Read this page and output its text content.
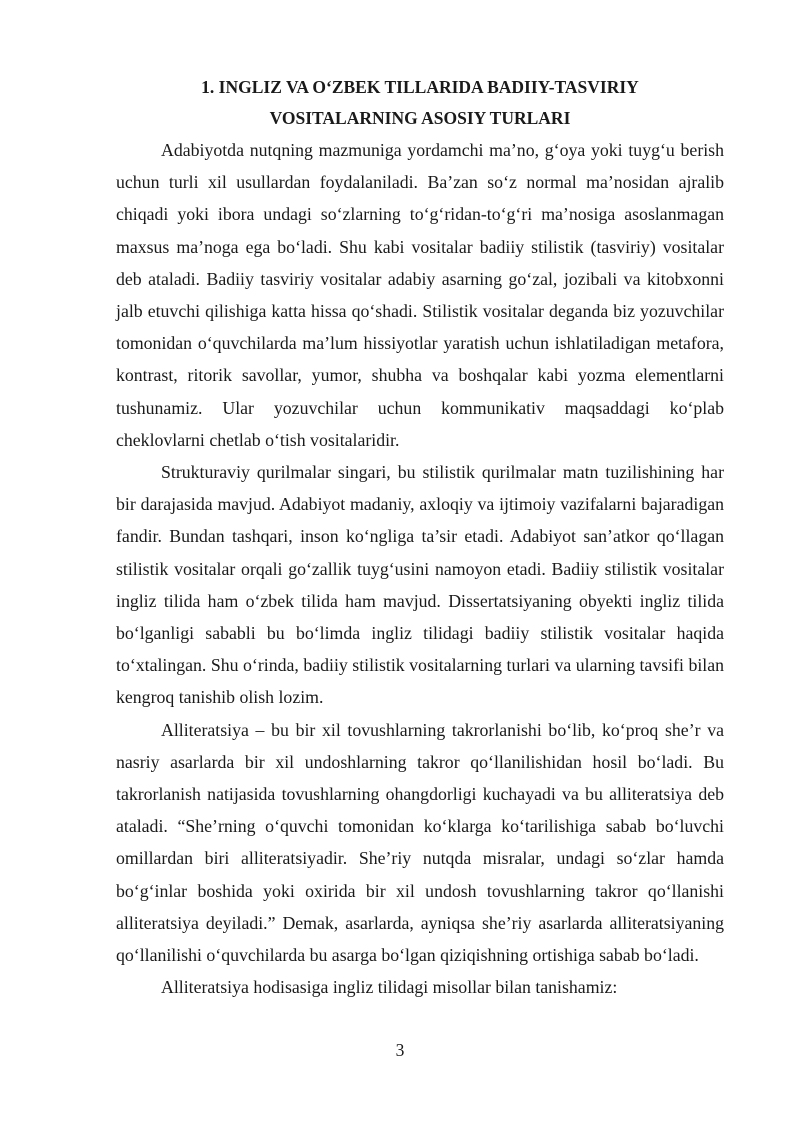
1. INGLIZ VA O‘ZBEK TILLARIDA BADIIY-TASVIRIY
VOSITALARNING ASOSIY TURLARI

Adabiyotda nutqning mazmuniga yordamchi ma’no, g‘oya yoki tuyg‘u berish uchun turli xil usullardan foydalaniladi. Ba’zan so‘z normal ma’nosidan ajralib chiqadi yoki ibora undagi so‘zlarning to‘g‘ridan-to‘g‘ri ma’nosiga asoslanmagan maxsus ma’noga ega bo‘ladi. Shu kabi vositalar badiiy stilistik (tasviriy) vositalar deb ataladi. Badiiy tasviriy vositalar adabiy asarning go‘zal, jozibali va kitobxonni jalb etuvchi qilishiga katta hissa qo‘shadi. Stilistik vositalar deganda biz yozuvchilar tomonidan o‘quvchilarda ma’lum hissiyotlar yaratish uchun ishlatiladigan metafora, kontrast, ritorik savollar, yumor, shubha va boshqalar kabi yozma elementlarni tushunamiz. Ular yozuvchilar uchun kommunikativ maqsaddagi ko‘plab cheklovlarni chetlab o‘tish vositalaridir.

Strukturaviy qurilmalar singari, bu stilistik qurilmalar matn tuzilishining har bir darajasida mavjud. Adabiyot madaniy, axloqiy va ijtimoiy vazifalarni bajaradigan fandir. Bundan tashqari, inson ko‘ngliga ta’sir etadi. Adabiyot san’atkor qo‘llagan stilistik vositalar orqali go‘zallik tuyg‘usini namoyon etadi. Badiiy stilistik vositalar ingliz tilida ham o‘zbek tilida ham mavjud. Dissertatsiyaning obyekti ingliz tilida bo‘lganligi sababli bu bo‘limda ingliz tilidagi badiiy stilistik vositalar haqida to‘xtalingan. Shu o‘rinda, badiiy stilistik vositalarning turlari va ularning tavsifi bilan kengroq tanishib olish lozim.

Alliteratsiya – bu bir xil tovushlarning takrorlanishi bo‘lib, ko‘proq she’r va nasriy asarlarda bir xil undoshlarning takror qo‘llanilishidan hosil bo‘ladi. Bu takrorlanish natijasida tovushlarning ohangdorligi kuchayadi va bu alliteratsiya deb ataladi. “She’rning o‘quvchi tomonidan ko‘klarga ko‘tarilishiga sabab bo‘luvchi omillardan biri alliteratsiyadir. She’riy nutqda misralar, undagi so‘zlar hamda bo‘g‘inlar boshida yoki oxirida bir xil undosh tovushlarning takror qo‘llanishi alliteratsiya deyiladi.” Demak, asarlarda, ayniqsa she’riy asarlarda alliteratsiyaning qo‘llanilishi o‘quvchilarda bu asarga bo‘lgan qiziqishning ortishiga sabab bo‘ladi.

Alliteratsiya hodisasiga ingliz tilidagi misollar bilan tanishamiz:

3
